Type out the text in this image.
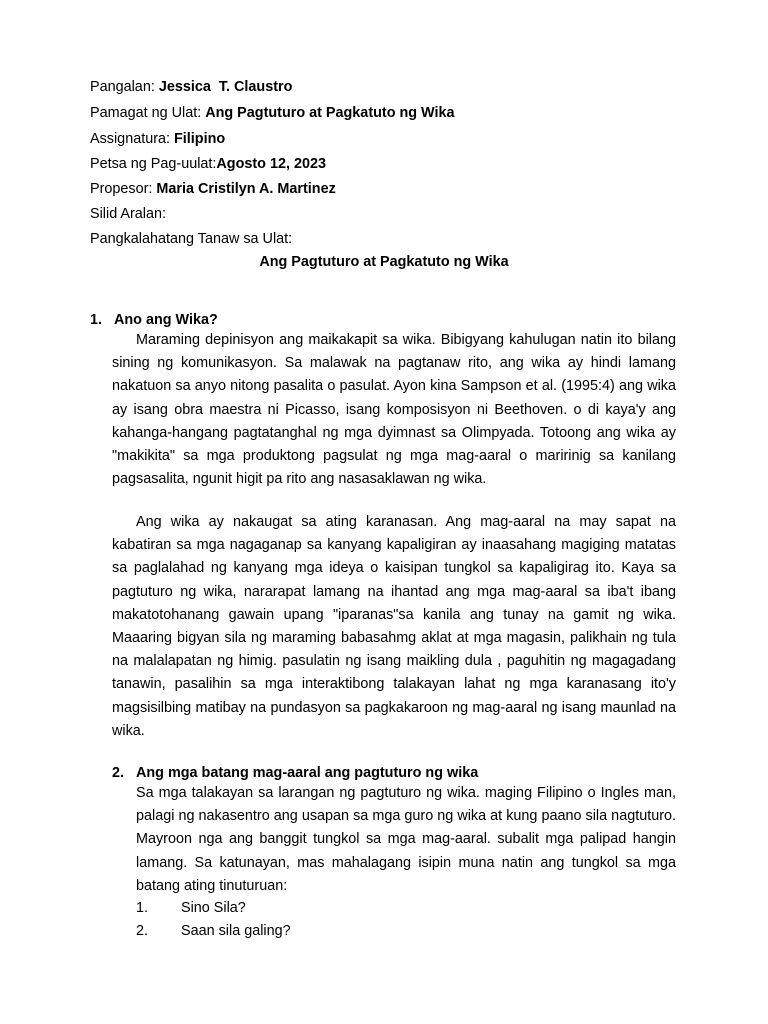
Pangalan: Jessica  T. Claustro
Pamagat ng Ulat: Ang Pagtuturo at Pagkatuto ng Wika
Assignatura: Filipino
Petsa ng Pag-uulat:Agosto 12, 2023
Propesor: Maria Cristilyn A. Martinez
Silid Aralan:
Pangkalahatang Tanaw sa Ulat:
Ang Pagtuturo at Pagkatuto ng Wika
1. Ano ang Wika?

Maraming depinisyon ang maikakapit sa wika. Bibigyang kahulugan natin ito bilang sining ng komunikasyon. Sa malawak na pagtanaw rito, ang wika ay hindi lamang nakatuon sa anyo nitong pasalita o pasulat. Ayon kina Sampson et al. (1995:4) ang wika ay isang obra maestra ni Picasso, isang komposisyon ni Beethoven. o di kaya'y ang kahanga-hangang pagtatanghal ng mga dyimnast sa Olimpyada. Totoong ang wika ay "makikita" sa mga produktong pagsulat ng mga mag-aaral o maririnig sa kanilang pagsasalita, ngunit higit pa rito ang nasasaklawan ng wika.

Ang wika ay nakaugat sa ating karanasan. Ang mag-aaral na may sapat na kabatiran sa mga nagaganap sa kanyang kapaligiran ay inaasahang magiging matatas sa paglalahad ng kanyang mga ideya o kaisipan tungkol sa kapaligirag ito. Kaya sa pagtuturo ng wika, nararapat lamang na ihantad ang mga mag-aaral sa iba't ibang makatotohanang gawain upang "iparanas"sa kanila ang tunay na gamit ng wika. Maaaring bigyan sila ng maraming babasahmg aklat at mga magasin, palikhain ng tula na malalapatan ng himig. pasulatin ng isang maikling dula , paguhitin ng magagadang tanawin, pasalihin sa mga interaktibong talakayan lahat ng mga karanasang ito'y magsisilbing matibay na pundasyon sa pagkakaroon ng mag-aaral ng isang maunlad na wika.

2. Ang mga batang mag-aaral ang pagtuturo ng wika

Sa mga talakayan sa larangan ng pagtuturo ng wika. maging Filipino o Ingles man, palagi ng nakasentro ang usapan sa mga guro ng wika at kung paano sila nagtuturo. Mayroon nga ang banggit tungkol sa mga mag-aaral. subalit mga palipad hangin lamang. Sa katunayan, mas mahalagang isipin muna natin ang tungkol sa mga batang ating tinuturuan:

1. Sino Sila?
2. Saan sila galing?
